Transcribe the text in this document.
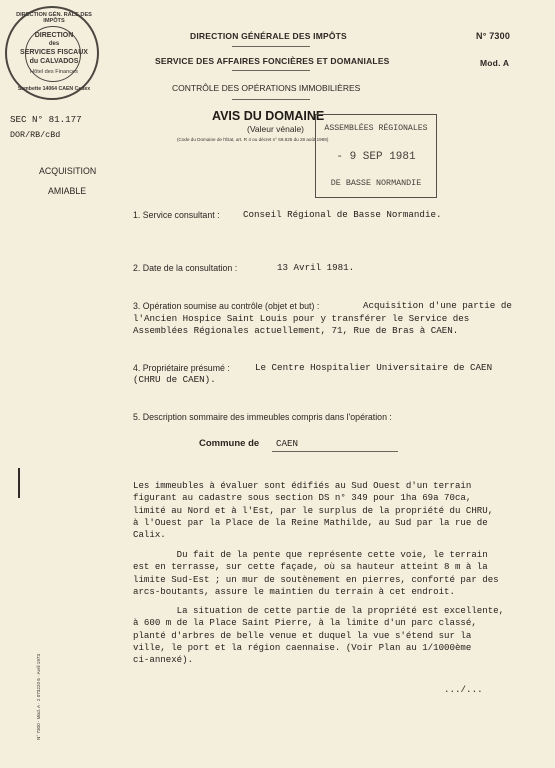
DIRECTION GÉN. RALE DES IMPÔTS
DIRECTION
des
SERVICES FISCAUX
du CALVADOS
Hôtel des Finances
Sambette 14064 CAEN Cedex
DIRECTION GÉNÉRALE DES IMPÔTS
SERVICE DES AFFAIRES FONCIÈRES ET DOMANIALES
N° 7300
Mod. A
CONTRÔLE DES OPÉRATIONS IMMOBILIÈRES
SEC N° 81.177
DOR/RB/cBd
ACQUISITION
AMIABLE
AVIS DU DOMAINE
(Valeur vénale)
(Code du Domaine de l'État, art. R 4 ou décret n° 69.825 du 28 août 1969)
ASSEMBLÉES RÉGIONALES
- 9 SEP 1981
DE BASSE NORMANDIE
1. Service consultant :	Conseil Régional de Basse Normandie.
2. Date de la consultation :	13 Avril 1981.
3. Opération soumise au contrôle (objet et but) :	Acquisition d'une partie de
l'Ancien Hospice Saint Louis pour y transférer le Service des
Assemblées Régionales actuellement, 71, Rue de Bras à CAEN.
4. Propriétaire présumé :	Le Centre Hospitalier Universitaire de CAEN
(CHRU de CAEN).
5. Description sommaire des immeubles compris dans l'opération :
Commune de CAEN

Les immeubles à évaluer sont édifiés au Sud Ouest d'un terrain
figurant au cadastre sous section DS n° 349 pour 1ha 69a 70ca,
limité au Nord et à l'Est, par le surplus de la propriété du CHRU,
à l'Ouest par la Place de la Reine Mathilde, au Sud par la rue de
Calix.

Du fait de la pente que représente cette voie, le terrain
est en terrasse, sur cette façade, où sa hauteur atteint 8 m à la
limite Sud-Est ; un mur de soutènement en pierres, conforté par des
arcs-boutants, assure le maintien du terrain à cet endroit.

La situation de cette partie de la propriété est excellente,
à 600 m de la Place Saint Pierre, à la limite d'un parc classé,
planté d'arbres de belle venue et duquel la vue s'étend sur la
ville, le port et la région caennaise. (Voir Plan au 1/1000ème
ci-annexé).
.../...
N° 7300 · Mod. A · 2 073220 6 · Avril 1973
